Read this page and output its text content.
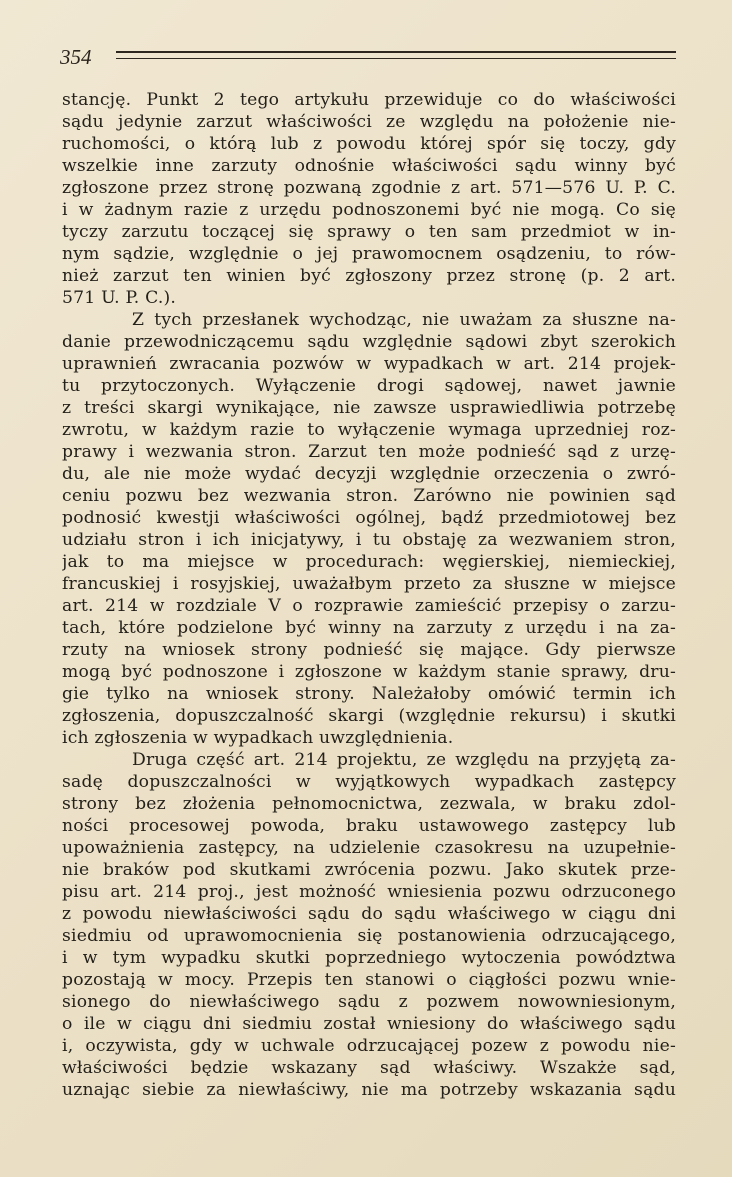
354
stancję. Punkt 2 tego artykułu przewiduje co do właściwości
sądu jedynie zarzut właściwości ze względu na położenie nie-
ruchomości, o którą lub z powodu której spór się toczy, gdy
wszelkie inne zarzuty odnośnie właściwości sądu winny być
zgłoszone przez stronę pozwaną zgodnie z art. 571—576 U. P. C.
i w żadnym razie z urzędu podnoszonemi być nie mogą. Co się
tyczy zarzutu toczącej się sprawy o ten sam przedmiot w in-
nym sądzie, względnie o jej prawomocnem osądzeniu, to rów-
nież zarzut ten winien być zgłoszony przez stronę (p. 2 art.
571 U. P. C.).
Z tych przesłanek wychodząc, nie uważam za słuszne na-
danie przewodniczącemu sądu względnie sądowi zbyt szerokich
uprawnień zwracania pozwów w wypadkach w art. 214 projek-
tu przytoczonych. Wyłączenie drogi sądowej, nawet jawnie
z treści skargi wynikające, nie zawsze usprawiedliwia potrzebę
zwrotu, w każdym razie to wyłączenie wymaga uprzedniej roz-
prawy i wezwania stron. Zarzut ten może podnieść sąd z urzę-
du, ale nie może wydać decyzji względnie orzeczenia o zwró-
ceniu pozwu bez wezwania stron. Zarówno nie powinien sąd
podnosić kwestji właściwości ogólnej, bądź przedmiotowej bez
udziału stron i ich inicjatywy, i tu obstaję za wezwaniem stron,
jak to ma miejsce w procedurach: węgierskiej, niemieckiej,
francuskiej i rosyjskiej, uważałbym przeto za słuszne w miejsce
art. 214 w rozdziale V o rozprawie zamieścić przepisy o zarzu-
tach, które podzielone być winny na zarzuty z urzędu i na za-
rzuty na wniosek strony podnieść się mające. Gdy pierwsze
mogą być podnoszone i zgłoszone w każdym stanie sprawy, dru-
gie tylko na wniosek strony. Należałoby omówić termin ich
zgłoszenia, dopuszczalność skargi (względnie rekursu) i skutki
ich zgłoszenia w wypadkach uwzględnienia.
Druga część art. 214 projektu, ze względu na przyjętą za-
sadę dopuszczalności w wyjątkowych wypadkach zastępcy
strony bez złożenia pełnomocnictwa, zezwala, w braku zdol-
ności procesowej powoda, braku ustawowego zastępcy lub
upoważnienia zastępcy, na udzielenie czasokresu na uzupełnie-
nie braków pod skutkami zwrócenia pozwu. Jako skutek prze-
pisu art. 214 proj., jest możność wniesienia pozwu odrzuconego
z powodu niewłaściwości sądu do sądu właściwego w ciągu dni
siedmiu od uprawomocnienia się postanowienia odrzucającego,
i w tym wypadku skutki poprzedniego wytoczenia powództwa
pozostają w mocy. Przepis ten stanowi o ciągłości pozwu wnie-
sionego do niewłaściwego sądu z pozwem nowowniesionym,
o ile w ciągu dni siedmiu został wniesiony do właściwego sądu
i, oczywista, gdy w uchwale odrzucającej pozew z powodu nie-
właściwości będzie wskazany sąd właściwy. Wszakże sąd,
uznając siebie za niewłaściwy, nie ma potrzeby wskazania sądu
